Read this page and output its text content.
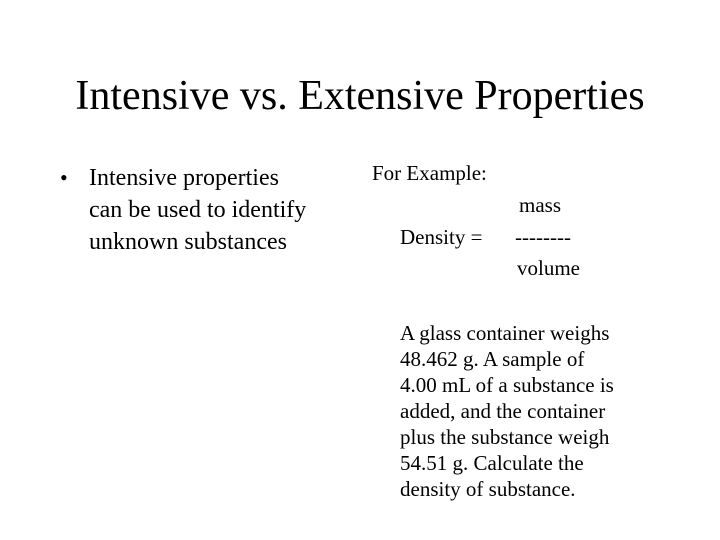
Intensive vs. Extensive Properties
• Intensive properties
can be used to identify
unknown substances
For Example:
mass
Density = --------
volume
A glass container weighs
48.462 g. A sample of
4.00 mL of a substance is
added, and the container
plus the substance weigh
54.51 g. Calculate the
density of substance.
